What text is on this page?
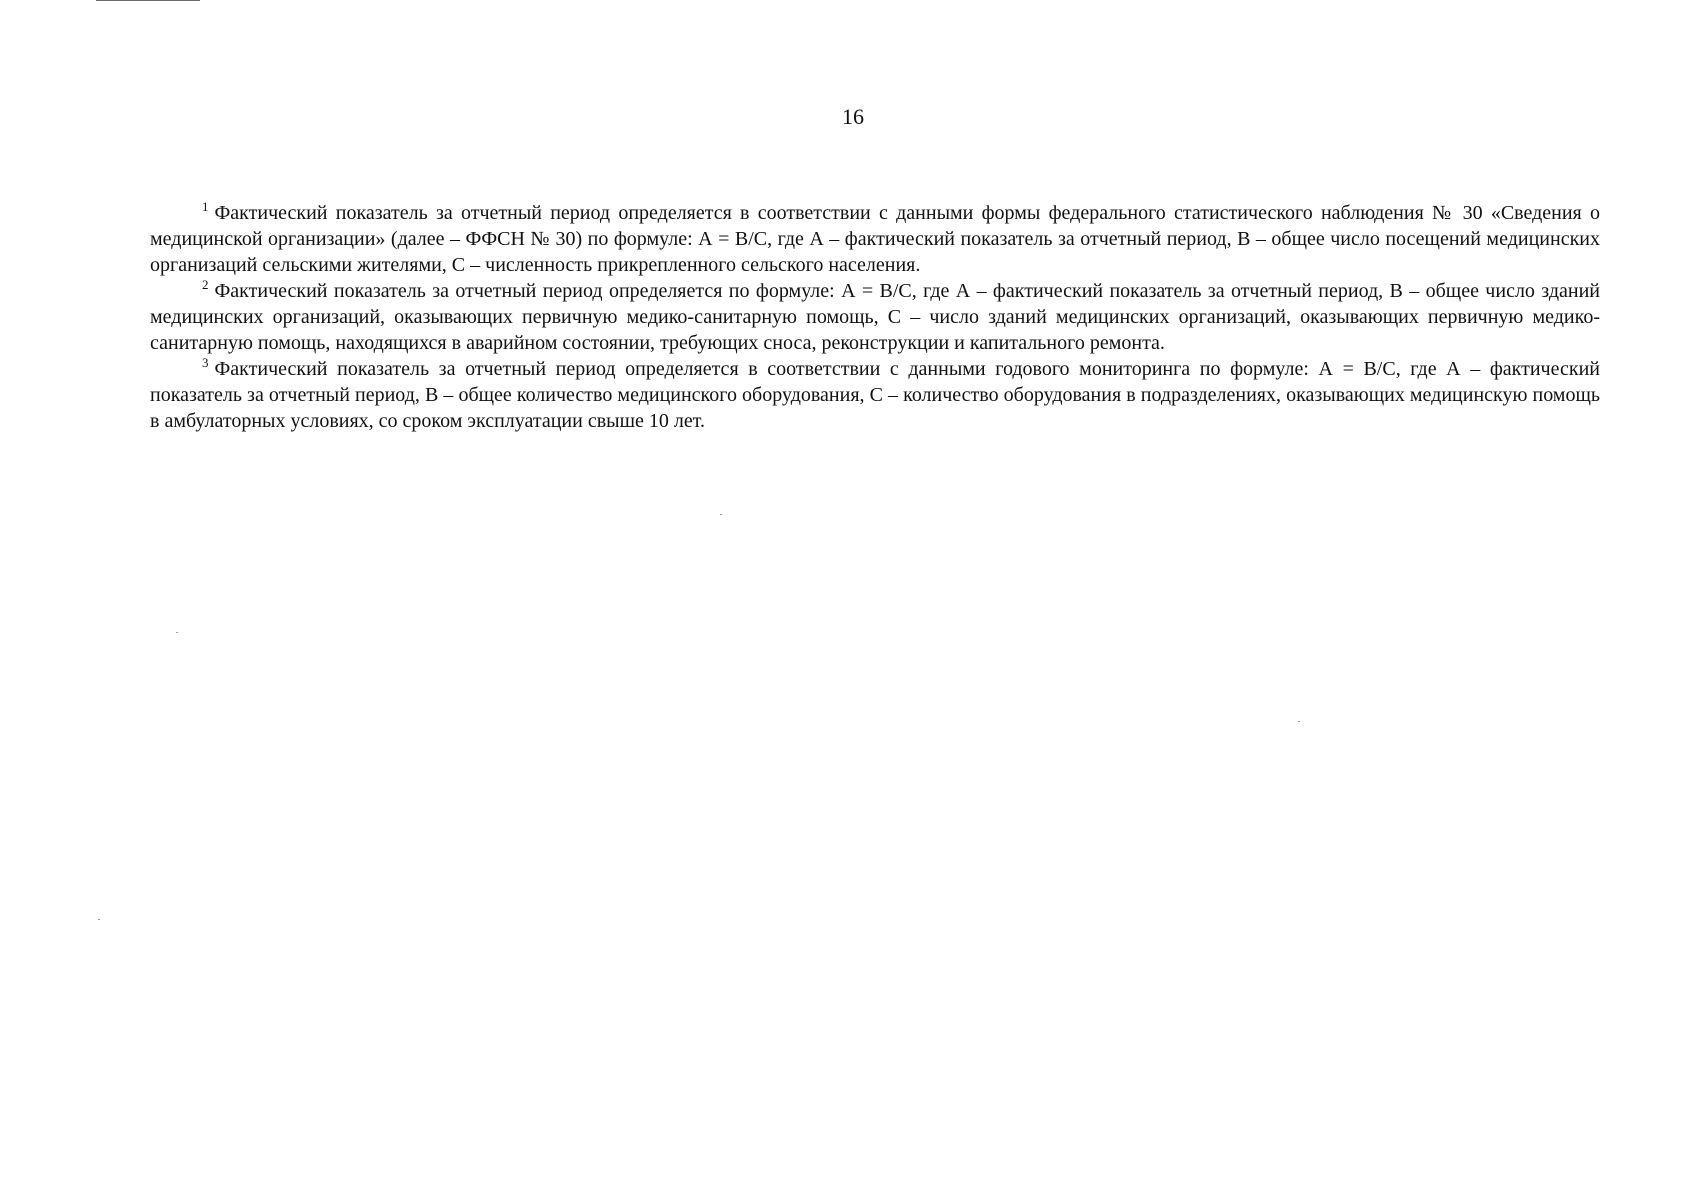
16

$^1$ Фактический показатель за отчетный период определяется в соответствии с данными формы федерального статистического наблюдения № 30 «Сведения о медицинской организации» (далее – ФФСН № 30) по формуле: А = В/С, где А – фактический показатель за отчетный период, В – общее число посещений медицинских организаций сельскими жителями, С – численность прикрепленного сельского населения.

$^2$ Фактический показатель за отчетный период определяется по формуле: А = В/С, где А – фактический показатель за отчетный период, В – общее число зданий медицинских организаций, оказывающих первичную медико-санитарную помощь, С – число зданий медицинских организаций, оказывающих первичную медико-санитарную помощь, находящихся в аварийном состоянии, требующих сноса, реконструкции и капитального ремонта.

$^3$ Фактический показатель за отчетный период определяется в соответствии с данными годового мониторинга по формуле: А = В/С, где А – фактический показатель за отчетный период, В – общее количество медицинского оборудования, С – количество оборудования в подразделениях, оказывающих медицинскую помощь в амбулаторных условиях, со сроком эксплуатации свыше 10 лет.
